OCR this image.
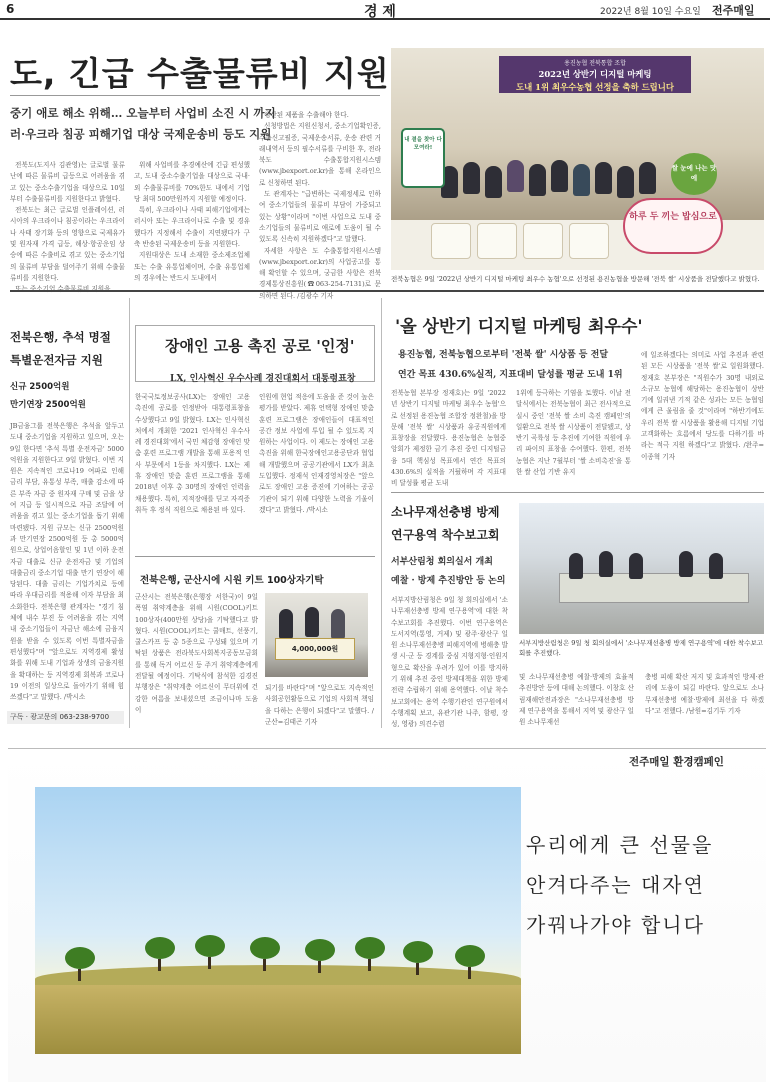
6	경 제	2022년 8월 10일 수요일 전주매일
도, 긴급 수출물류비 지원
중기 애로 해소 위해… 오늘부터 사업비 소진 시 까지
러·우크라 침공 피해기업 대상 국제운송비 등도 지원

전북도(도지사 김관영)는 글로벌 물류난에 따른 물류비 급등으로 어려움을 겪고 있는 중소수출기업을 대상으로 10일부터 수출물류비를 지원한다고 밝혔다.

전북도는 최근 글로벌 인플레이션, 러시아의 우크라이나 침공이라는 우크라이나 사태 장기화 등의 영향으로 국제유가 및 원자재 가격 급등, 해상·항공운임 상승에 따른 수출비로 겪고 있는 중소기업의 물류비 부담을 덜어주기 위해 수출물류비를 지원한다.

위해 사업비를 추경예산에 긴급 편성했고, 도내 중소수출기업을 대상으로 국내·외 수출물류비를 70%한도 내에서 기업당 최대 500만원까지 지원할 예정이다.

특히, 우크라이나 사태 피해기업에게는 러시아 또는 우크라이나로 수출 및 경유했다가 지정해서 수출이 지연됐다가 구축 반송된 국제운송비 등을 지원한다.

지원대상은 도내 소재한 중소제조업체 또는 수출 유통업체이며, 수출 유통업체의 경우에는 반드시 도내에서

생산된 제품을 수출해야 한다.

신청방법은 지원신청서, 중소기업확인증, 수출신고필증, 국제운송서류, 운송 관련 거래내역서 등의 필수서류를 구비한 후, 전라북도 수출통합지원시스템(www.jbexport.or.kr)을 통해 온라인으로 신청하면 된다.

도 관계자는 "급변하는 국제정세로 인하여 중소기업들의 물류비 부담이 가중되고 있는 상황"이라며 "이번 사업으로 도내 중소기업들의 물류비로 애로에 도움이 될 수 있도록 신속히 지원하겠다"고 말했다.

자세한 사항은 도 수출통합지원시스템(www.jbexport.or.kr)의 사업공고를 통해 확인할 수 있으며, 궁금한 사항은 전북경제통상진흥원(☎063-254-7131)로 문의하면 된다. /김광수 기자

용진농협 전북통합 조합
2022년 상반기 디지털 마케팅
도내 1위 최우수농협 선정을 축하 드립니다
내 곁을 찾아 다 모여라!
쌀 눈에 나는 맛에
하루 두 끼는 밥심으로
전북농협은 9일 '2022년 상반기 디지털 마케팅 최우수 농협'으로 선정된 용진농협을 방문해 '전북 쌀' 시상품을 전달했다고 밝혔다.
'올 상반기 디지털 마케팅 최우수'
용진농협, 전북농협으로부터 '전북 쌀' 시상품 등 전달
연간 목표 430.6%실적, 지표대비 달성률 평균 도내 1위
전북농협 본부장 정재호)는 9일 '2022년 상반기 디지털 마케팅 최우수 농협'으로 선정된 용진농협 조합장 정완철)을 방문해 '전북 쌀' 시상품과 유공직원에게 표창장을 전달했다. 용진농협은 농협중앙회가 제정한 금기 추진 중인 디지털금융 5대 핵심성 목표에서 연간 목표의 430.6%의 실적을 거뒀하며 각 지표대비 달성률 평균 도내
1위에 등극하는 기염을 토했다. 이날 전달식에서는 전북농협이 최근 전사적으로 실시 중인 '전북 쌀 소비 촉진 캠페인'의 일환으로 전북 쌀 시상품이 전달됐고, 상반기 곡륙성 등 추진에 기여한 직원에 우리 파이의 표창을 수여했다. 한편, 전북농협은 지난 7월부터 '쌀 소비촉진'을 통한 쌀 산업 기반 유지
에 일조하겠다는 의미로 사업 추진과 관련된 모든 시상품을 '전북 쌀'로 일원화했다. 정재호 본부장은 "직원수가 30명 내외로 소규모 농협에 해당하는 용진농협이 상반기에 일궈낸 기적 같은 성과는 모든 농협임에게 큰 울림을 줄 것"이라며 "하반기에도 우리 전북 쌀 시상품을 활용해 디지털 기업 고객화하는 흐름에서 당도를 다하기를 바라는 적극 지원 하겠다"고 밝혔다. /완주=이종혁 기자
전북은행, 추석 명절
특별운전자금 지원
신규 2500억원
만기연장 2500억원
JB금융그룹 전북은행은 추석을 앞두고 도내 중소기업을 지원하고 있으며, 오는 9일 한다면 '추석 특별 운전자금' 5000억원을 지원한다고 9일 밝혔다. 이번 지원은 지속적인 코로나19 여파로 인해 금리 부담, 유통성 부족, 매출 감소에 따른 부족 자금 중 원자재 구매 및 금을 상여 지급 등 일시적으로 자금 조달에 어려움을 겪고 있는 중소기업을 돕기 위해 마련됐다. 지원 규모는 신규 2500억원과 만기연장 2500억원 등 총 5000억원으로, 상업어음할인 및 1년 이하 운전자금 대출로 신규 운전자금 및 기업의 대출금리 중소기업 대출 만기 연장이 해당된다. 대출 금리는 기업가치로 등에 따라 우대금리를 적용해 이자 부담을 최소화한다. 전북은행 관계자는 "경기 침체에 내수 부진 등 어려움을 겪는 지역 내 중소기업들이 자금난 해소에 금융지원을 받을 수 있도록 이번 특별자금을 편성했다"며 "앞으로도 지역경제 활성화를 위해 도내 기업과 상생의 금융지원을 확대하는 등 지역경제 회복과 코로나19 이전의 일상으로 돌아가기 위해 힘쓰겠다"고 말했다. /박시소
구독 · 광고문의 063-238-9700
장애인 고용 촉진 공로 '인정'
LX, 인사혁신 우수사례 경진대회서 대통령표창
한국국토정보공사(LX)는 장애인 고용 촉진에 공로를 인정받아 대통령표창을 수상했다고 9일 밝혔다. LX는 인사혁신처에서 개최한 '2021 인사혁신 우수사례 경진대회'에서 국민 체감형 장애인 맞춤 훈련 프로그램 개발을 통해 포용적 인사 부문에서 1등을 차지했다. LX는 제휴 장애인 맞춤 훈련 프로그램을 통해 2018년 이후 총 30명의 장애인 인력을 채용했다. 특히, 지적장애를 딛고 자격증 취득 후 정식 직원으로 채용된 바 있다.
인원에 현업 적응에 도움을 준 것이 높은 평가를 받았다. 제휴 언택형 장애인 맞춤훈련 프로그램은 장애인들이 대표적인 공간 정보 사업에 투입 될 수 있도록 지원하는 사업이다. 이 제도는 장애인 고용 촉진을 위해 한국장애인고용공단과 협업해 개발했으며 공공기관에서 LX가 최초 도입했다. 정재석 인재경영처장은 "앞으로도 장애인 고용 증진에 기여하는 공공기관이 되기 위해 다양한 노력을 기울이겠다"고 밝혔다. /박시소
전북은행, 군산시에 시원 키트 100상자기탁
군산시는 전북은행(은행장 서한국)이 9일 폭염 취약계층을 위해 시원(COOL)키트 100상자(400만원 상당)을 기탁했다고 밝혔다. 시원(COOL)키트는 쿨매트, 선풍기, 쿨스카프 등 총 5종으로 구성돼 있으며 기탁된 상품은 전라북도사회복지공동모금회를 통해 독거 어르신 등 주거 취약계층에게 전달될 예정이다. 기탁식에 참석한 김경진 부행장은 "취약계층 어르신이 무더위에 건강한 여름을 보내셨으면 조금이나마 도움이
4,000,000원
되기를 바란다"며 "앞으로도 지속적인 사회공헌활동으로 기업의 사회적 책임을 다하는 은행이 되겠다"고 말했다. /군산=김태곤 기자
소나무재선충병 방제
연구용역 착수보고회
서부산림청 회의실서 개최
예찰 · 방제 추진방안 등 논의
서부지방산림청은 9일 청 회의실에서 '소나무재선충병 방제 연구용역'에 대한 착수보고회를 추진했다. 이번 연구용역은 도서지역(통영, 거제) 및 광주·광산구 일원 소나무재선충병 피해지역에 병해충 발생 시·군 등 경계를 중심 지형지형·인원지형으로 확산을 우려가 있어 이를 방지하기 위해 추진 중인 방제대책을 위한 방제전략 수립하기 위해 용역했다. 이날 착수보고회에는 용역 수행기관인 연구원에서 수행계획 보고, 유관기관 나주, 함평, 장성, 영광) 의견수렴
서부지방산림청은 9일 청 회의실에서 '소나무재선충병 방제 연구용역'에 대한 착수보고회를 추진했다.
및 소나무재선충병 예찰·방제의 효율적 추진방안 등에 대해 논의했다. 이창호 산림재해안전과장은 "소나무재선충병 방제 연구용역을 통해서 지역 및 광산구 일원 소나무재선
충병 피해 확산 저지 및 효과적인 방제·관리에 도움이 되길 바란다. 앞으로도 소나무재선충병 예찰·방제에 최선을 다 하겠다"고 전했다. /남원=김기두 기자
전주매일 환경캠페인
우리에게 큰 선물을
안겨다주는 대자연
가꿔나가야 합니다
